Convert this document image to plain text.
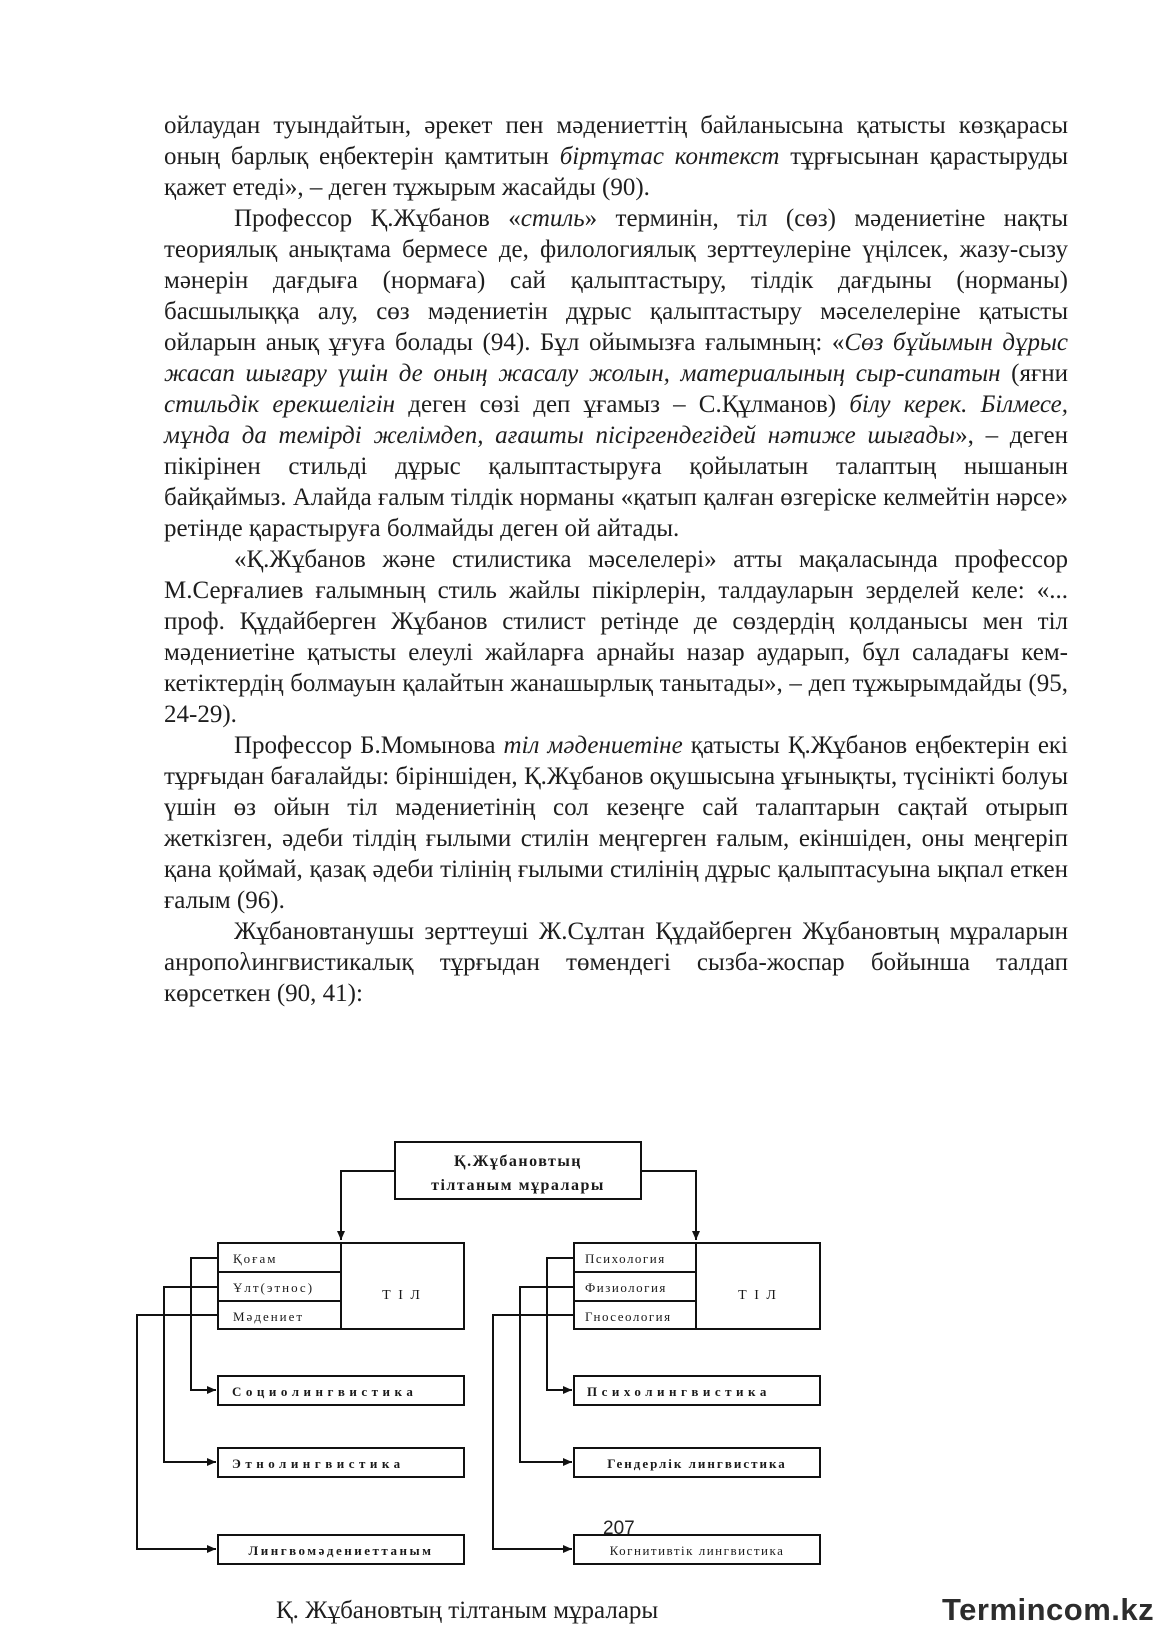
ойлаудан туындайтын, әрекет пен мәдениеттің байланысына қатысты көзқарасы оның барлық еңбектерін қамтитын біртұтас контекст тұрғысынан қарастыруды қажет етеді», – деген тұжырым жасайды (90).

Профессор Қ.Жұбанов «стиль» терминін, тіл (сөз) мәдениетіне нақты теориялық анықтама бермесе де, филологиялық зерттеулеріне үңілсек, жазу-сызу мәнерін дағдыға (нормаға) сай қалыптастыру, тілдік дағдыны (норманы) басшылыққа алу, сөз мәдениетін дұрыс қалыптастыру мәселелеріне қатысты ойларын анық ұғуға болады (94). Бұл ойымызға ғалымның: «Сөз бұйымын дұрыс жасап шығару үшін де оның жасалу жолын, материалының сыр-сипатын (яғни стильдік ерекшелігін деген сөзі деп ұғамыз – С.Құлманов) білу керек. Білмесе, мұнда да темірді желімдеп, ағашты пісіргендегідей нәтиже шығады», – деген пікірінен стильді дұрыс қалыптастыруға қойылатын талаптың нышанын байқаймыз. Алайда ғалым тілдік норманы «қатып қалған өзгеріске келмейтін нәрсе» ретінде қарастыруға болмайды деген ой айтады.

«Қ.Жұбанов және стилистика мәселелері» атты мақаласында профессор М.Серғалиев ғалымның стиль жайлы пікірлерін, талдауларын зерделей келе: «... проф. Құдайберген Жұбанов стилист ретінде де сөздердің қолданысы мен тіл мәдениетіне қатысты елеулі жайларға арнайы назар аударып, бұл саладағы кем-кетіктердің болмауын қалайтын жанашырлық танытады», – деп тұжырымдайды (95, 24-29).

Профессор Б.Момынова тіл мәдениетіне қатысты Қ.Жұбанов еңбектерін екі тұрғыдан бағалайды: біріншіден, Қ.Жұбанов оқушысына ұғынықты, түсінікті болуы үшін өз ойын тіл мәдениетінің сол кезеңге сай талаптарын сақтай отырып жеткізген, әдеби тілдің ғылыми стилін меңгерген ғалым, екіншіден, оны меңгеріп қана қоймай, қазақ әдеби тілінің ғылыми стилінің дұрыс қалыптасуына ықпал еткен ғалым (96).

Жұбановтанушы зерттеуші Ж.Сұлтан Құдайберген Жұбановтың мұраларын анропολингвистикалық тұрғыдан төмендегі сызба-жоспар бойынша талдап көрсеткен (90, 41):

Қ.Жұбановтың
тілтаным мұралары
Қоғам
Ұлт(этнос)
Мәдениет
Т І Л
Психология
Физиология
Гносеология
Т І Л
Социолингвистика
Этнолингвистика
Лингвомәдениеттаным
Психолингвистика
Гендерлік лингвистика
Когнитивтік лингвистика
207
Қ. Жұбановтың тілтаным мұралары	Termincom.kz
